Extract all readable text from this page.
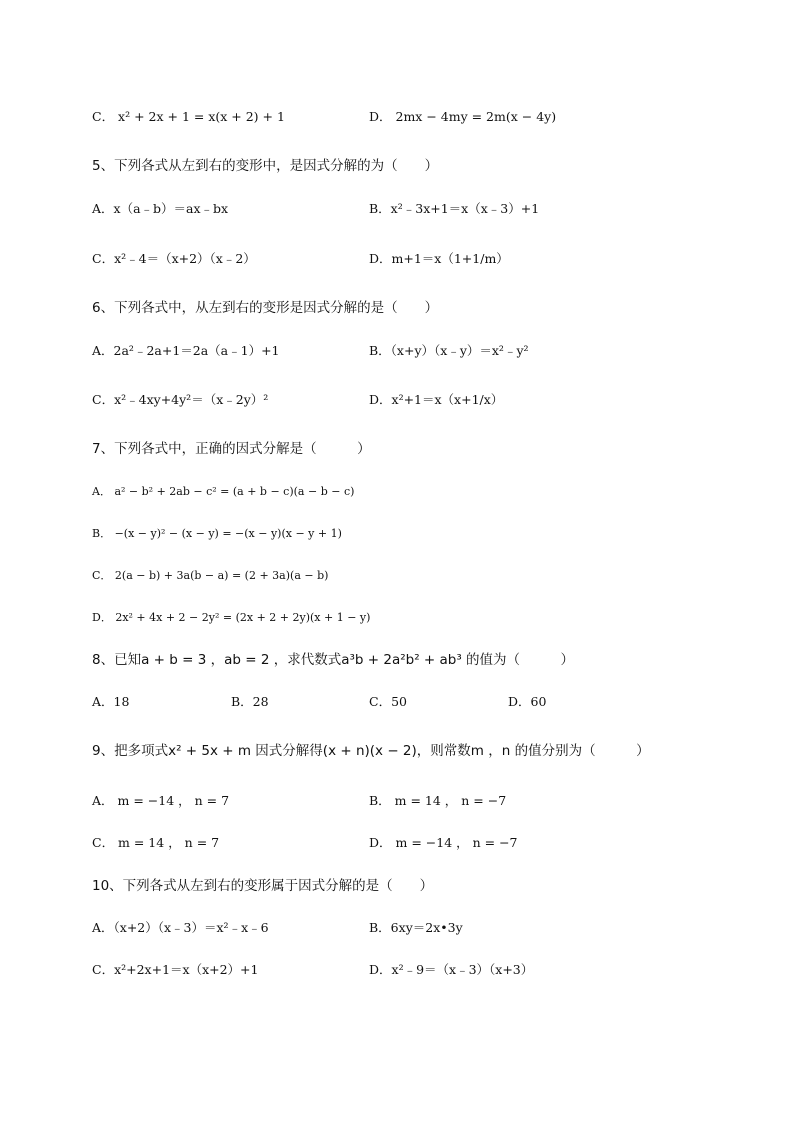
C． x² + 2x + 1 = x(x + 2) + 1	D． 2mx − 4my = 2m(x − 4y)
5、下列各式从左到右的变形中，是因式分解的为（　　）
A．x（a﹣b）＝ax﹣bx	B．x²﹣3x+1＝x（x﹣3）+1
C．x²﹣4＝（x+2）（x﹣2）	D．m+1＝x（1+1/m）
6、下列各式中，从左到右的变形是因式分解的是（　　）
A．2a²﹣2a+1＝2a（a﹣1）+1	B．（x+y）（x﹣y）＝x²﹣y²
C．x²﹣4xy+4y²＝（x﹣2y）²	D．x²+1＝x（x+1/x）
7、下列各式中，正确的因式分解是（　　　）
A． a² − b² + 2ab − c² = (a + b − c)(a − b − c)
B． −(x − y)² − (x − y) = −(x − y)(x − y + 1)
C． 2(a − b) + 3a(b − a) = (2 + 3a)(a − b)
D． 2x² + 4x + 2 − 2y² = (2x + 2 + 2y)(x + 1 − y)
8、已知a + b = 3 ，ab = 2 ，求代数式a³b + 2a²b² + ab³ 的值为（　　　）
A．18	B．28	C．50	D．60
9、把多项式x² + 5x + m 因式分解得(x + n)(x − 2)，则常数m ，n 的值分别为（　　　）
A． m = −14 ， n = 7	B． m = 14 ， n = −7
C． m = 14 ， n = 7	D． m = −14 ， n = −7
10、下列各式从左到右的变形属于因式分解的是（　　）
A．（x+2）（x﹣3）＝x²﹣x﹣6	B．6xy＝2x•3y
C．x²+2x+1＝x（x+2）+1	D．x²﹣9＝（x﹣3）（x+3）
